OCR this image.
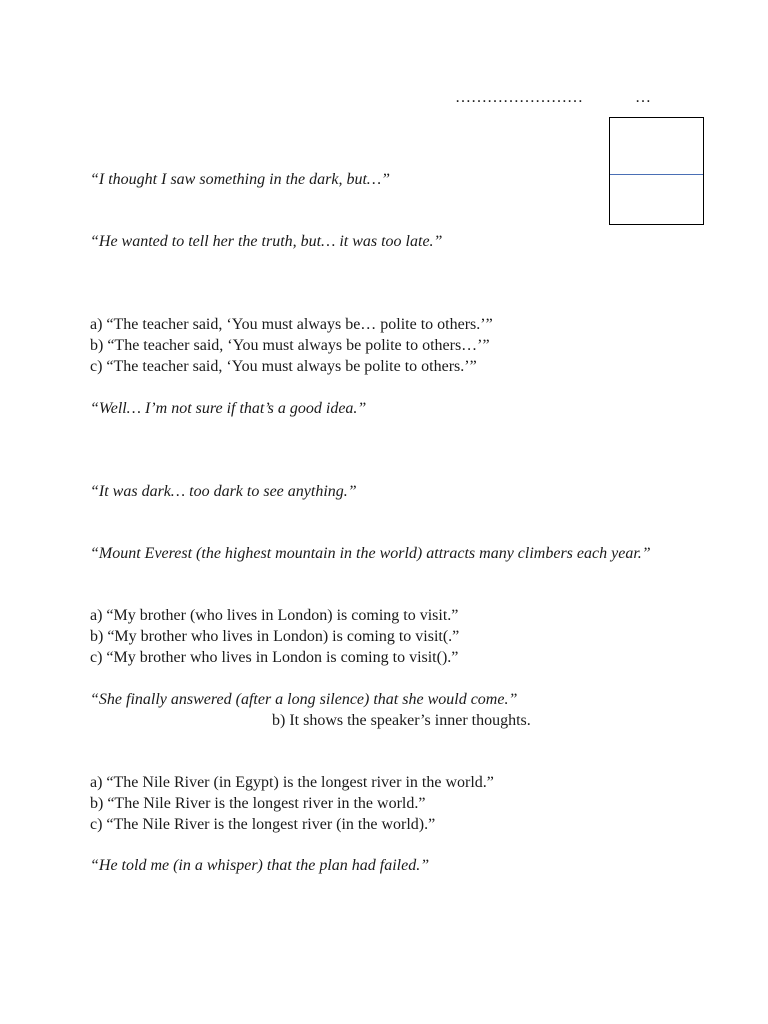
……………………	…

“I thought I saw something in the dark, but…”

“He wanted to tell her the truth, but… it was too late.”

a) “The teacher said, ‘You must always be… polite to others.’”

b) “The teacher said, ‘You must always be polite to others…’”

c) “The teacher said, ‘You must always be polite to others.’”

“Well… I’m not sure if that’s a good idea.”

“It was dark… too dark to see anything.”

“Mount Everest (the highest mountain in the world) attracts many climbers each year.”

a) “My brother (who lives in London) is coming to visit.”

b) “My brother who lives in London) is coming to visit(.”

c) “My brother who lives in London is coming to visit().”

“She finally answered (after a long silence) that she would come.”

b) It shows the speaker’s inner thoughts.

a) “The Nile River (in Egypt) is the longest river in the world.”

b) “The Nile River is the longest river in the world.”

c) “The Nile River is the longest river (in the world).”

“He told me (in a whisper) that the plan had failed.”
